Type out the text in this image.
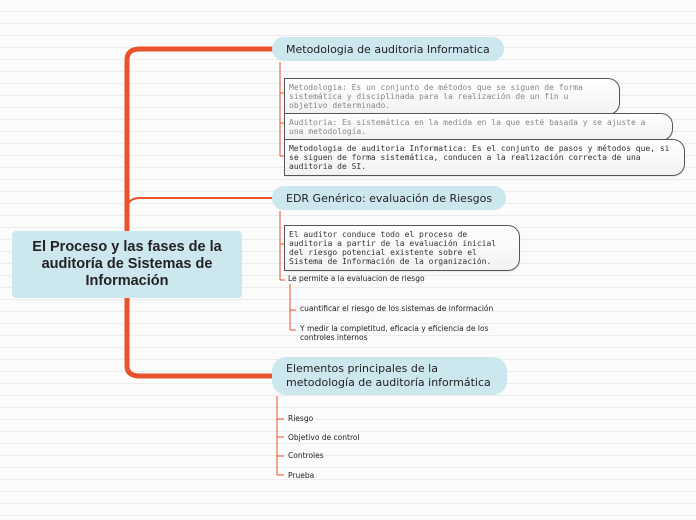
El Proceso y las fases de la auditoría de Sistemas de Información
Metodologia de auditoria Informatica
Metodologia: Es un conjunto de métodos que se siguen de forma sistemática y disciplinada para la realización de un fin u objetivo determinado.
Auditoria: Es sistemática en la medida en la que esté basada y se ajuste a una metodología.
Metodologia de auditoria Informatica: Es el conjunto de pasos y métodos que, si se siguen de forma sistemática, conducen a la realización correcta de una auditoria de SI.
EDR Genérico: evaluación de Riesgos
El auditor conduce todo el proceso de auditoría a partir de la evaluación inicial del riesgo potencial existente sobre el Sistema de Información de la organización.
Le permite a la evaluacion de riesgo
cuantificar el riesgo de los sistemas de información
Y medir la completitud, eficacia y eficiencia de los controles internos
Elementos principales de la metodología de auditoría informática
Riesgo
Objetivo de control
Controles
Prueba
